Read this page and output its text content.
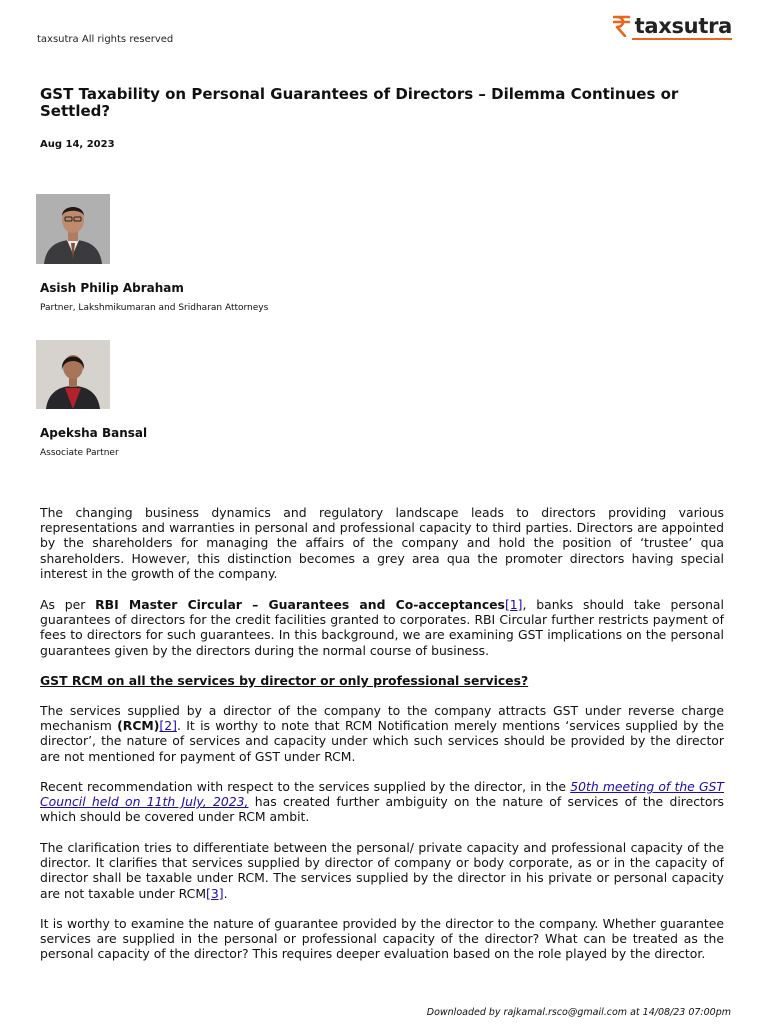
taxsutra All rights reserved
taxsutra
GST Taxability on Personal Guarantees of Directors – Dilemma Continues or Settled?
Aug 14, 2023
Asish Philip Abraham
Partner, Lakshmikumaran and Sridharan Attorneys
Apeksha Bansal
Associate Partner

The changing business dynamics and regulatory landscape leads to directors providing various representations and warranties in personal and professional capacity to third parties. Directors are appointed by the shareholders for managing the affairs of the company and hold the position of ‘trustee’ qua shareholders. However, this distinction becomes a grey area qua the promoter directors having special interest in the growth of the company.

As per RBI Master Circular – Guarantees and Co-acceptances[1], banks should take personal guarantees of directors for the credit facilities granted to corporates. RBI Circular further restricts payment of fees to directors for such guarantees. In this background, we are examining GST implications on the personal guarantees given by the directors during the normal course of business.

GST RCM on all the services by director or only professional services?

The services supplied by a director of the company to the company attracts GST under reverse charge mechanism (RCM)[2]. It is worthy to note that RCM Notification merely mentions ‘services supplied by the director’, the nature of services and capacity under which such services should be provided by the director are not mentioned for payment of GST under RCM.

Recent recommendation with respect to the services supplied by the director, in the 50th meeting of the GST Council held on 11th July, 2023, has created further ambiguity on the nature of services of the directors which should be covered under RCM ambit.

The clarification tries to differentiate between the personal/ private capacity and professional capacity of the director. It clarifies that services supplied by director of company or body corporate, as or in the capacity of director shall be taxable under RCM. The services supplied by the director in his private or personal capacity are not taxable under RCM[3].

It is worthy to examine the nature of guarantee provided by the director to the company. Whether guarantee services are supplied in the personal or professional capacity of the director? What can be treated as the personal capacity of the director? This requires deeper evaluation based on the role played by the director.

Downloaded by rajkamal.rsco@gmail.com at 14/08/23 07:00pm
